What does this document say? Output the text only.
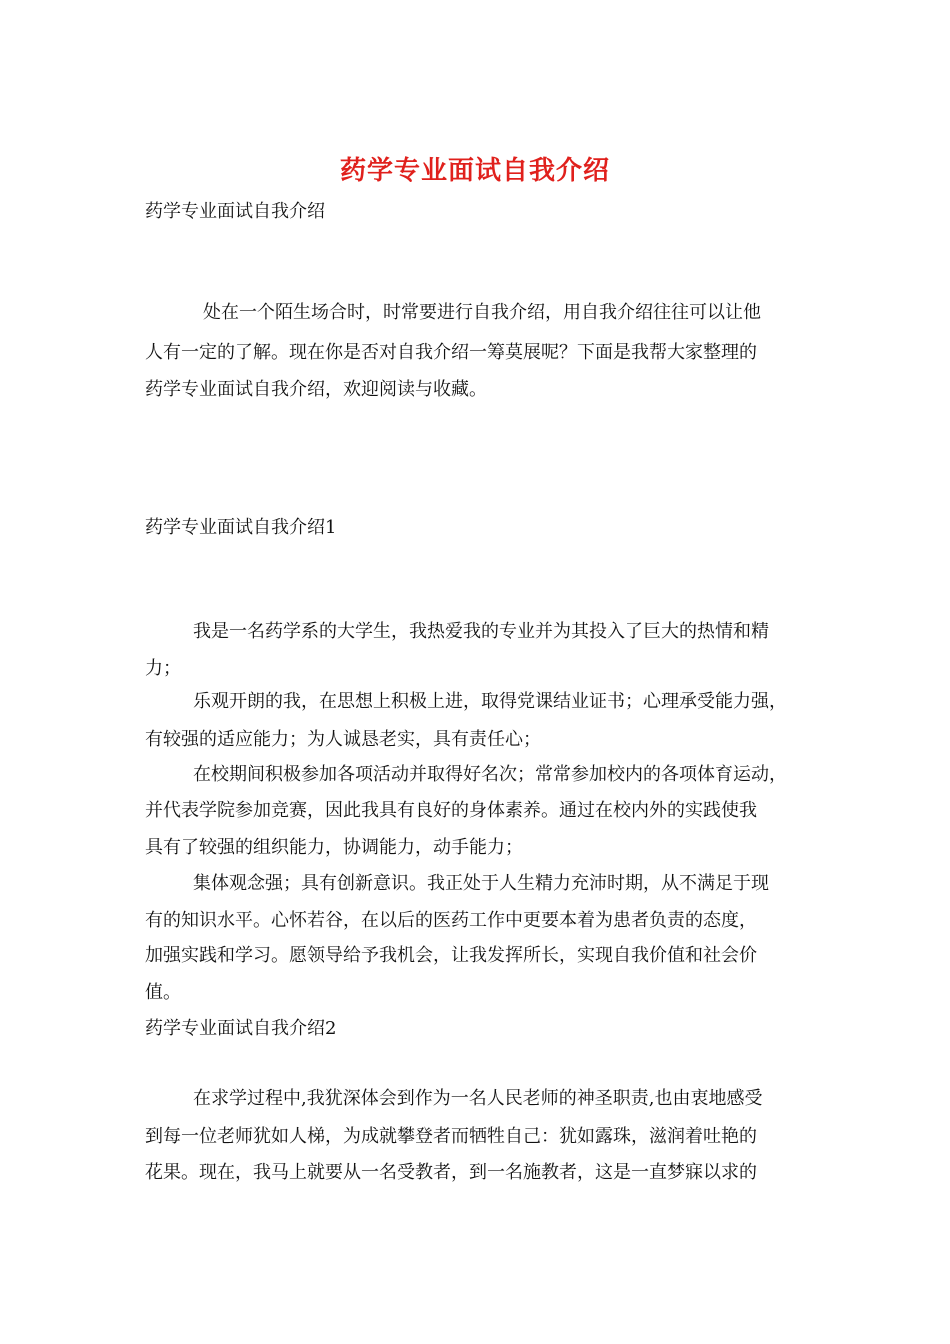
药学专业面试自我介绍
药学专业面试自我介绍
处在一个陌生场合时，时常要进行自我介绍，用自我介绍往往可以让他
人有一定的了解。现在你是否对自我介绍一筹莫展呢？下面是我帮大家整理的
药学专业面试自我介绍，欢迎阅读与收藏。
药学专业面试自我介绍1
我是一名药学系的大学生，我热爱我的专业并为其投入了巨大的热情和精
力；
乐观开朗的我，在思想上积极上进，取得党课结业证书；心理承受能力强，
有较强的适应能力；为人诚恳老实，具有责任心；
在校期间积极参加各项活动并取得好名次；常常参加校内的各项体育运动，
并代表学院参加竞赛，因此我具有良好的身体素养。通过在校内外的实践使我
具有了较强的组织能力，协调能力，动手能力；
集体观念强；具有创新意识。我正处于人生精力充沛时期，从不满足于现
有的知识水平。心怀若谷，在以后的医药工作中更要本着为患者负责的态度，
加强实践和学习。愿领导给予我机会，让我发挥所长，实现自我价值和社会价
值。
药学专业面试自我介绍2
在求学过程中,我犹深体会到作为一名人民老师的神圣职责,也由衷地感受
到每一位老师犹如人梯，为成就攀登者而牺牲自己：犹如露珠，滋润着吐艳的
花果。现在，我马上就要从一名受教者，到一名施教者，这是一直梦寐以求的
